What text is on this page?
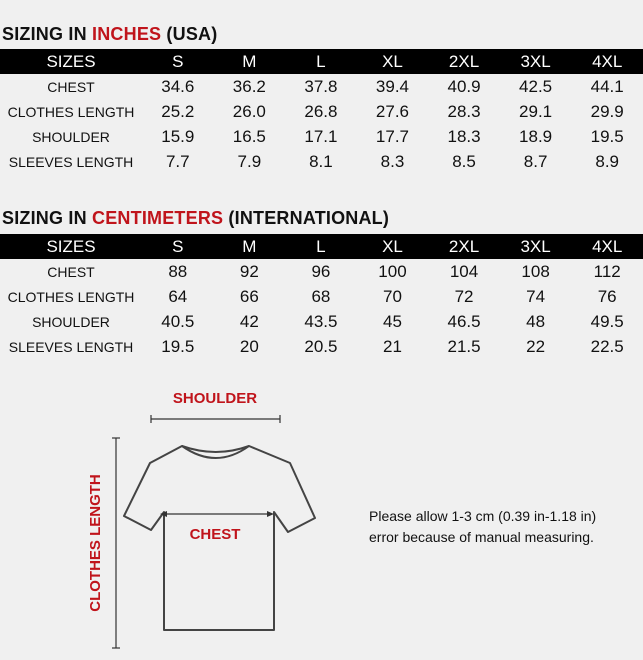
SIZING IN INCHES (USA)
SIZES	S	M	L	XL	2XL	3XL	4XL
CHEST	34.6	36.2	37.8	39.4	40.9	42.5	44.1
CLOTHES LENGTH	25.2	26.0	26.8	27.6	28.3	29.1	29.9
SHOULDER	15.9	16.5	17.1	17.7	18.3	18.9	19.5
SLEEVES LENGTH	7.7	7.9	8.1	8.3	8.5	8.7	8.9
SIZING IN CENTIMETERS (INTERNATIONAL)
SIZES	S	M	L	XL	2XL	3XL	4XL
CHEST	88	92	96	100	104	108	112
CLOTHES LENGTH	64	66	68	70	72	74	76
SHOULDER	40.5	42	43.5	45	46.5	48	49.5
SLEEVES LENGTH	19.5	20	20.5	21	21.5	22	22.5
SHOULDER
CLOTHES LENGTH	CHEST
Please allow 1-3 cm (0.39 in-1.18 in)
error because of manual measuring.
